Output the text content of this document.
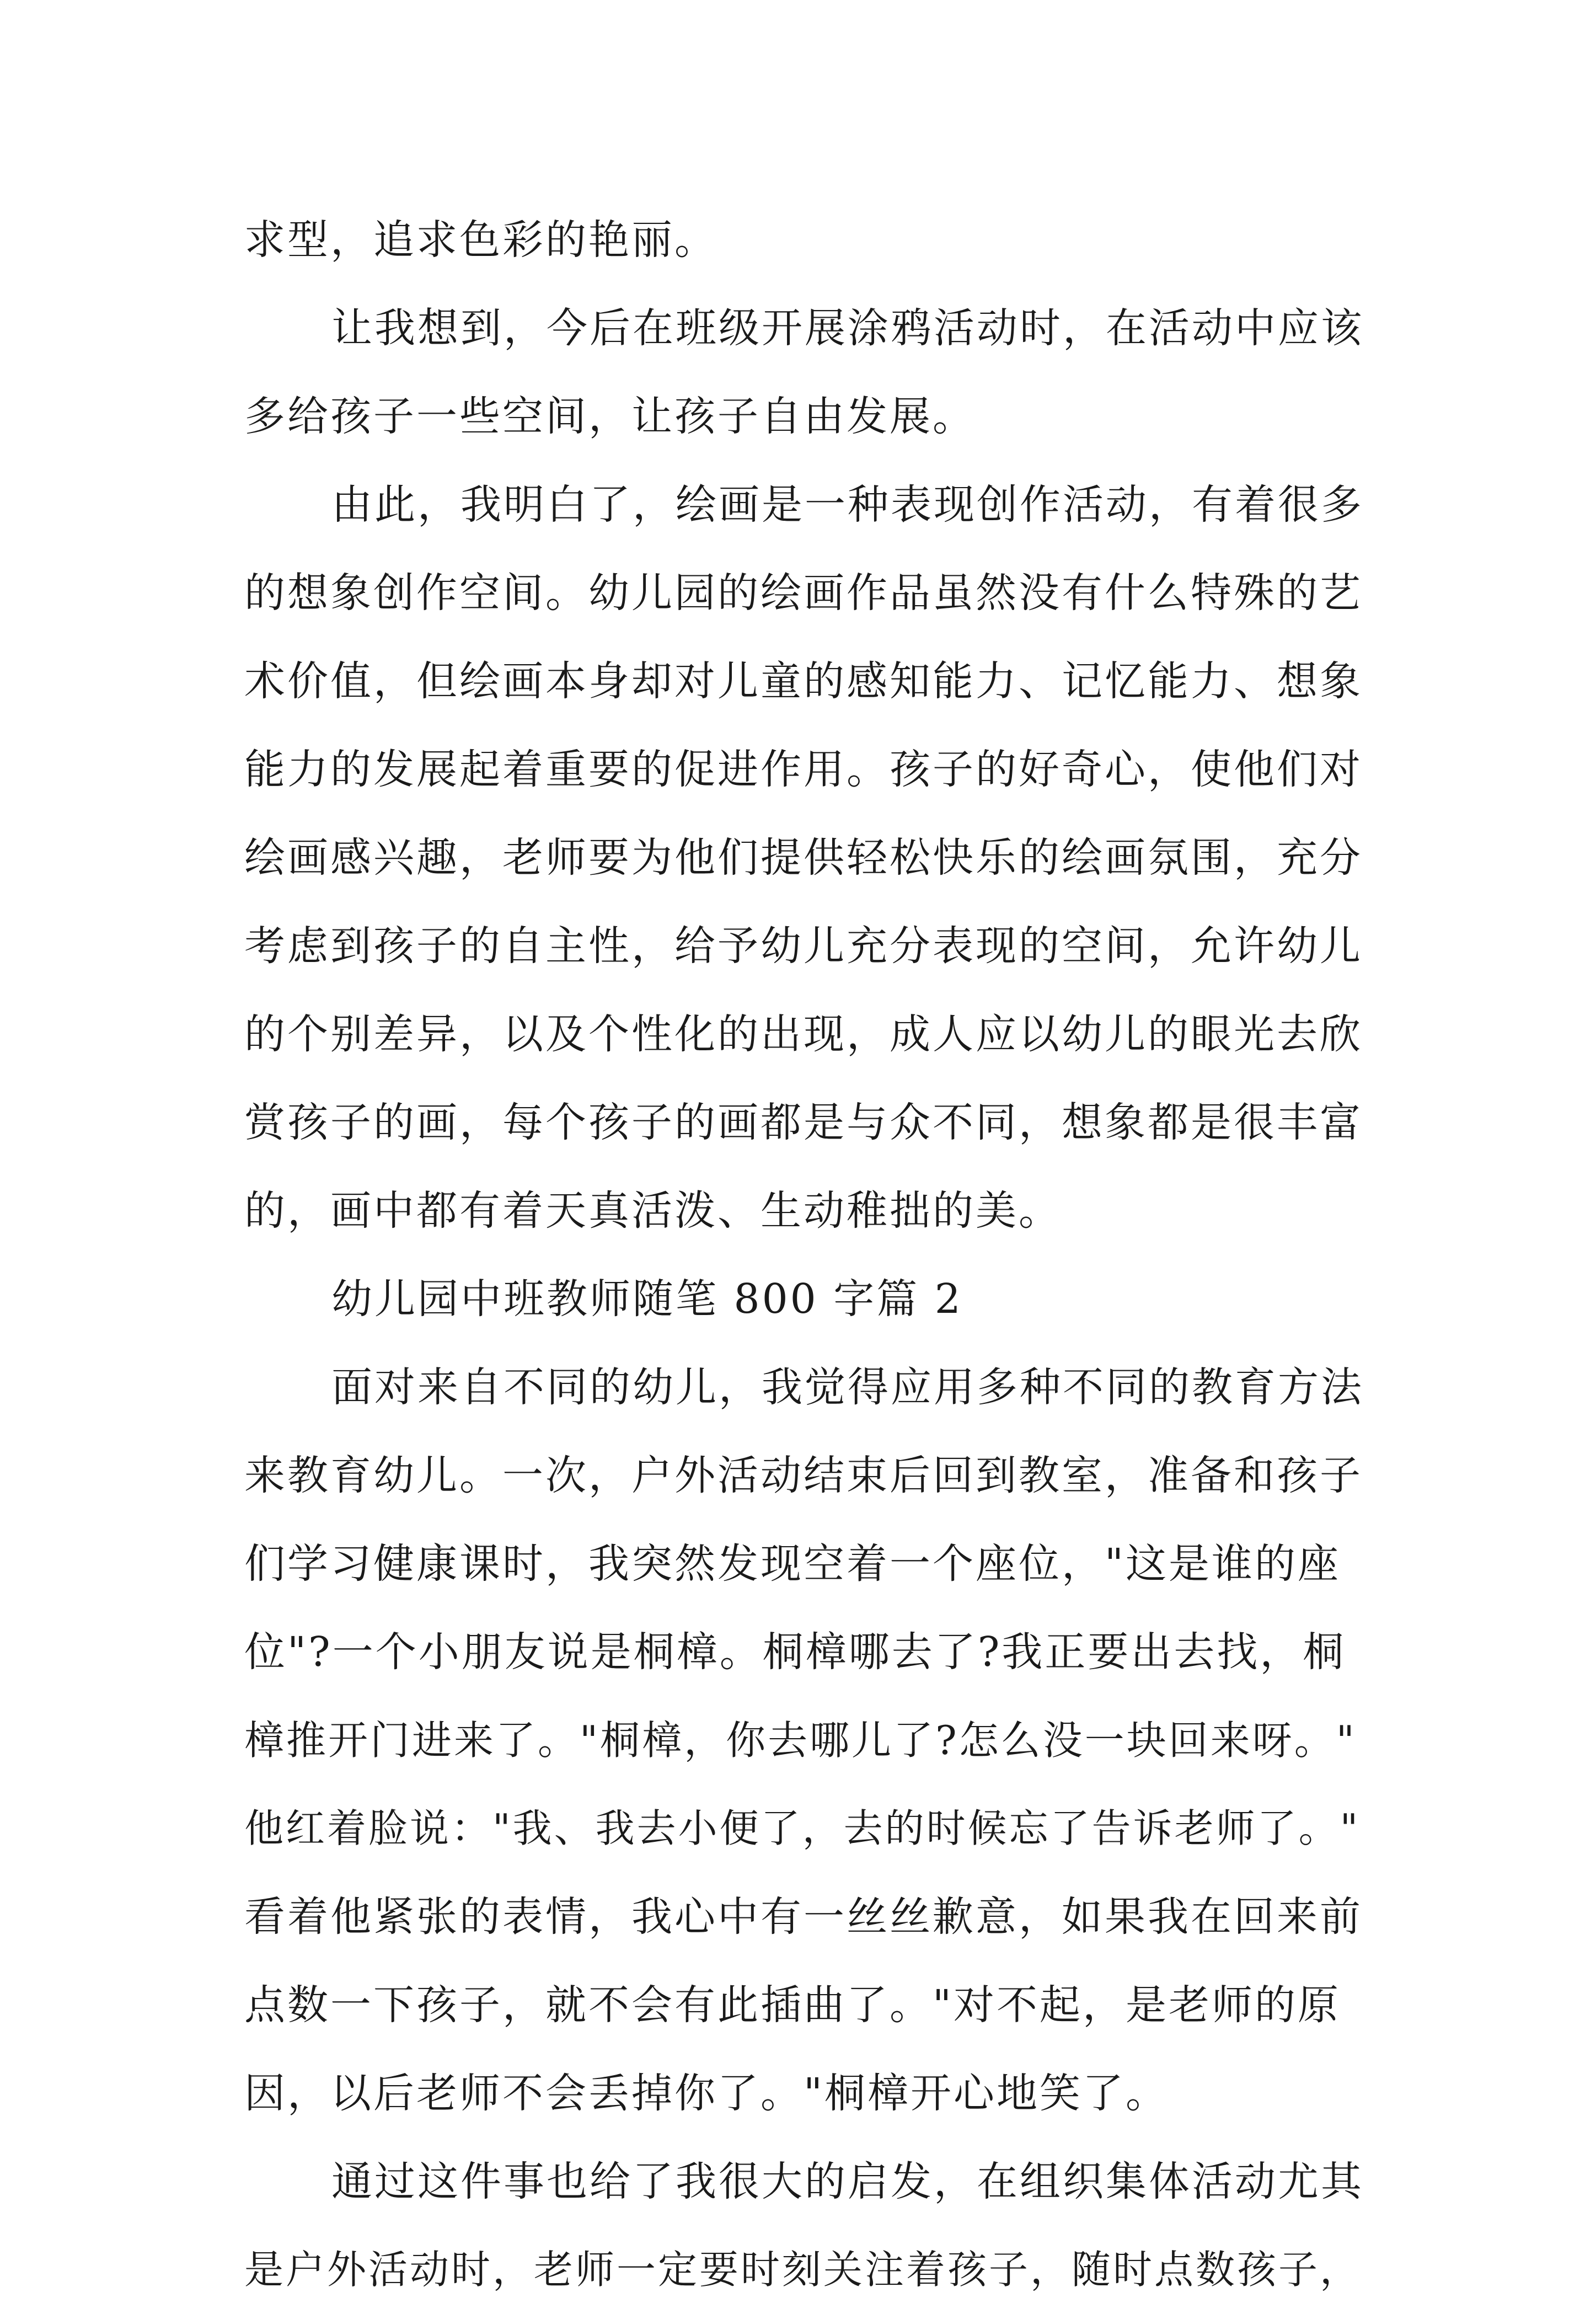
求型，追求色彩的艳丽。
让我想到，今后在班级开展涂鸦活动时，在活动中应该
多给孩子一些空间，让孩子自由发展。
由此，我明白了，绘画是一种表现创作活动，有着很多
的想象创作空间。幼儿园的绘画作品虽然没有什么特殊的艺
术价值，但绘画本身却对儿童的感知能力、记忆能力、想象
能力的发展起着重要的促进作用。孩子的好奇心，使他们对
绘画感兴趣，老师要为他们提供轻松快乐的绘画氛围，充分
考虑到孩子的自主性，给予幼儿充分表现的空间，允许幼儿
的个别差异，以及个性化的出现，成人应以幼儿的眼光去欣
赏孩子的画，每个孩子的画都是与众不同，想象都是很丰富
的，画中都有着天真活泼、生动稚拙的美。
幼儿园中班教师随笔 800 字篇 2
面对来自不同的幼儿，我觉得应用多种不同的教育方法
来教育幼儿。一次，户外活动结束后回到教室，准备和孩子
们学习健康课时，我突然发现空着一个座位，"这是谁的座
位"?一个小朋友说是桐樟。桐樟哪去了?我正要出去找，桐
樟推开门进来了。"桐樟，你去哪儿了?怎么没一块回来呀。"
他红着脸说："我、我去小便了，去的时候忘了告诉老师了。"
看着他紧张的表情，我心中有一丝丝歉意，如果我在回来前
点数一下孩子，就不会有此插曲了。"对不起，是老师的原
因，以后老师不会丢掉你了。"桐樟开心地笑了。
通过这件事也给了我很大的启发，在组织集体活动尤其
是户外活动时，老师一定要时刻关注着孩子，随时点数孩子，
